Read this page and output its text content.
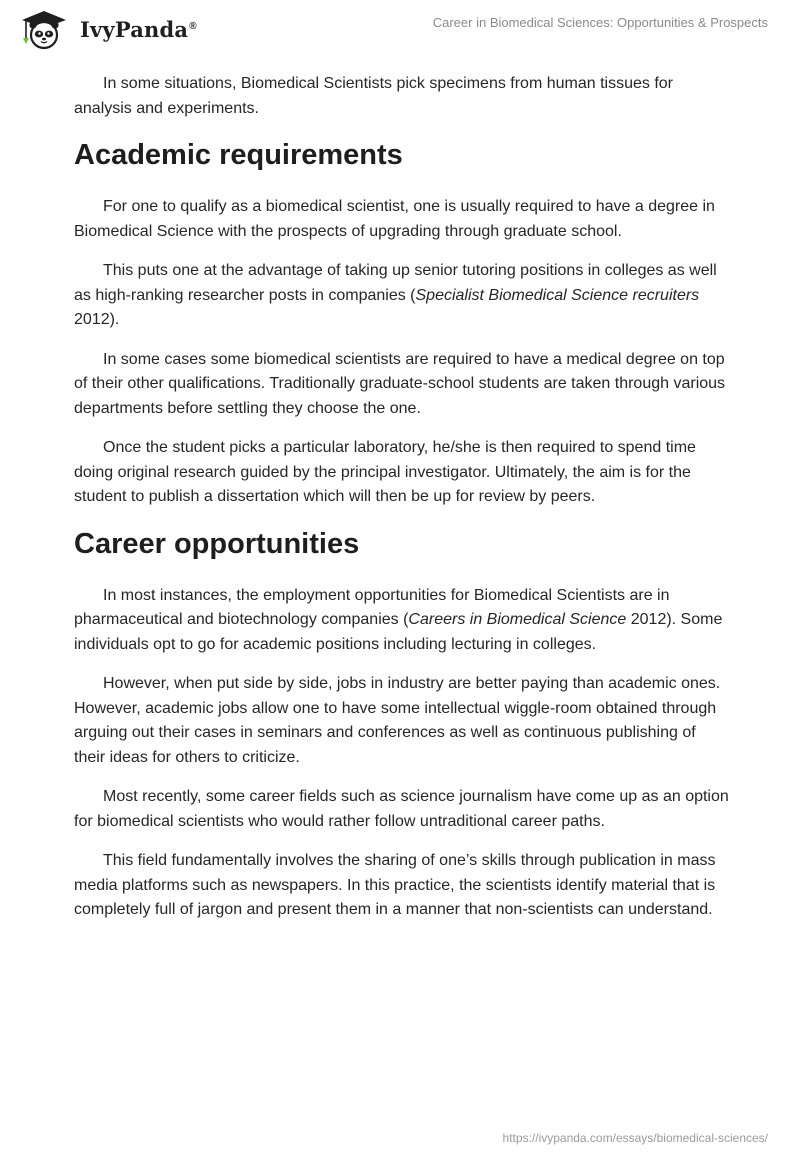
IvyPanda®	Career in Biomedical Sciences: Opportunities & Prospects

In some situations, Biomedical Scientists pick specimens from human tissues for analysis and experiments.

Academic requirements

For one to qualify as a biomedical scientist, one is usually required to have a degree in Biomedical Science with the prospects of upgrading through graduate school.

This puts one at the advantage of taking up senior tutoring positions in colleges as well as high-ranking researcher posts in companies (Specialist Biomedical Science recruiters 2012).

In some cases some biomedical scientists are required to have a medical degree on top of their other qualifications. Traditionally graduate-school students are taken through various departments before settling they choose the one.

Once the student picks a particular laboratory, he/she is then required to spend time doing original research guided by the principal investigator. Ultimately, the aim is for the student to publish a dissertation which will then be up for review by peers.

Career opportunities

In most instances, the employment opportunities for Biomedical Scientists are in pharmaceutical and biotechnology companies (Careers in Biomedical Science 2012). Some individuals opt to go for academic positions including lecturing in colleges.

However, when put side by side, jobs in industry are better paying than academic ones. However, academic jobs allow one to have some intellectual wiggle-room obtained through arguing out their cases in seminars and conferences as well as continuous publishing of their ideas for others to criticize.

Most recently, some career fields such as science journalism have come up as an option for biomedical scientists who would rather follow untraditional career paths.

This field fundamentally involves the sharing of one’s skills through publication in mass media platforms such as newspapers. In this practice, the scientists identify material that is completely full of jargon and present them in a manner that non-scientists can understand.

https://ivypanda.com/essays/biomedical-sciences/
